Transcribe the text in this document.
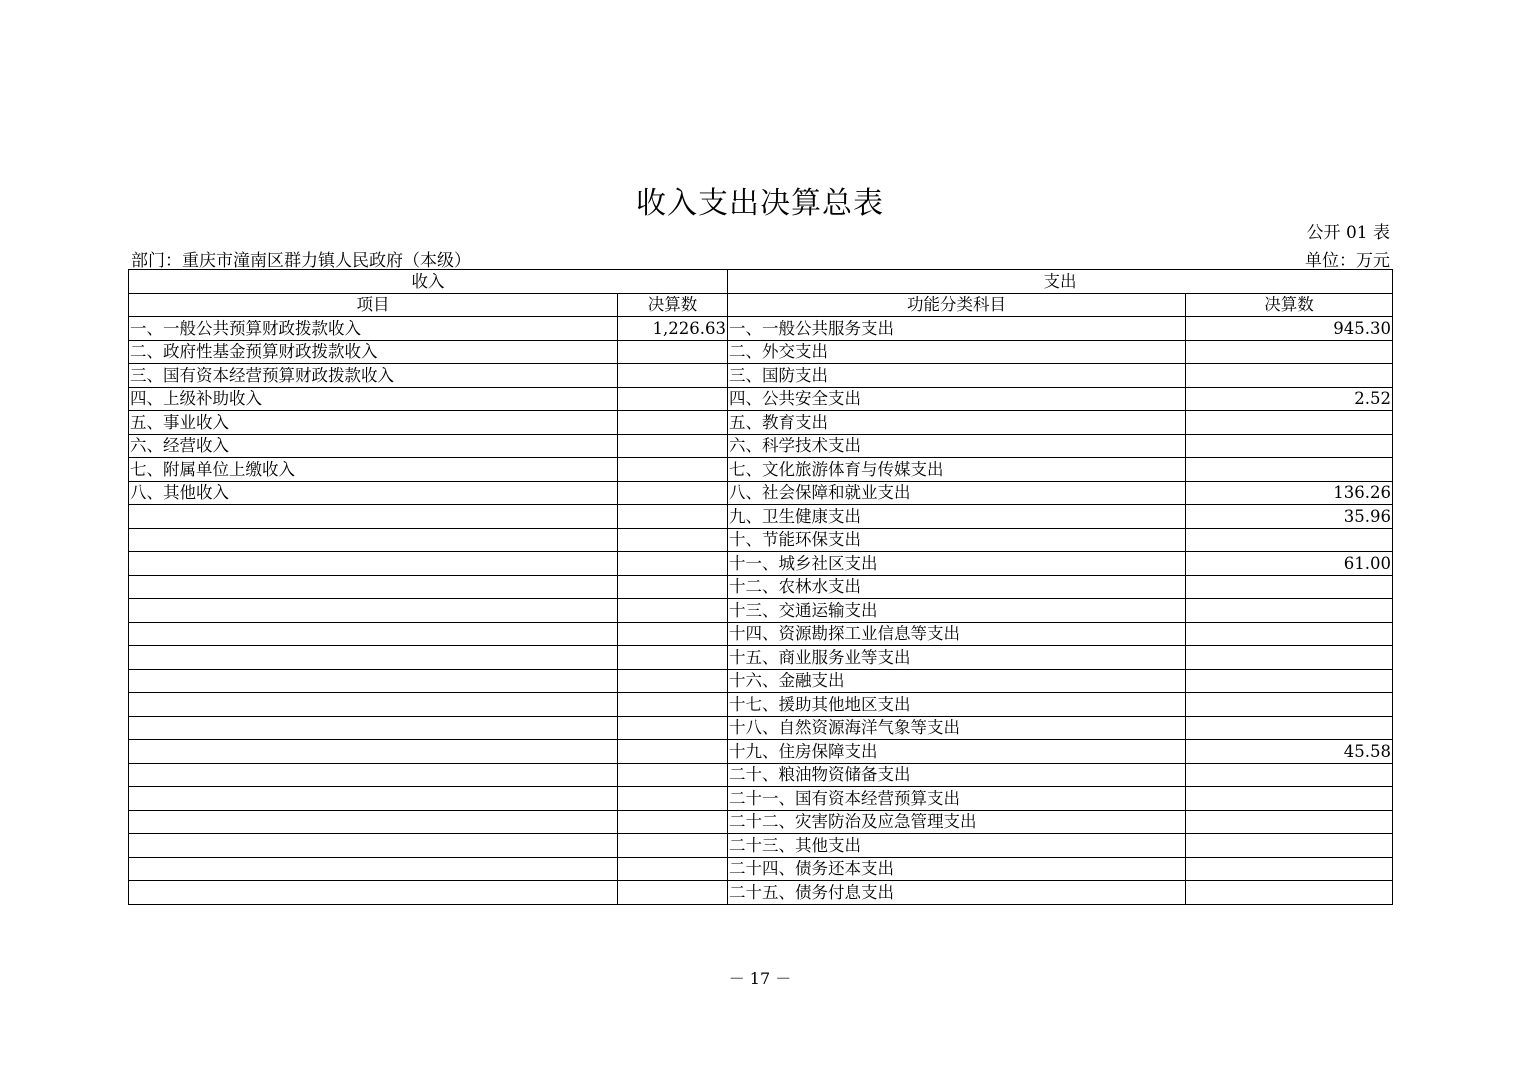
收入支出决算总表
公开 01 表
部门：重庆市潼南区群力镇人民政府（本级）	单位：万元
收入		支出	
项目	决算数	功能分类科目	决算数
一、一般公共预算财政拨款收入	1,226.63	一、一般公共服务支出	945.30
二、政府性基金预算财政拨款收入		二、外交支出	
三、国有资本经营预算财政拨款收入		三、国防支出	
四、上级补助收入		四、公共安全支出	2.52
五、事业收入		五、教育支出	
六、经营收入		六、科学技术支出	
七、附属单位上缴收入		七、文化旅游体育与传媒支出	
八、其他收入		八、社会保障和就业支出	136.26
		九、卫生健康支出	35.96
		十、节能环保支出	
		十一、城乡社区支出	61.00
		十二、农林水支出	
		十三、交通运输支出	
		十四、资源勘探工业信息等支出	
		十五、商业服务业等支出	
		十六、金融支出	
		十七、援助其他地区支出	
		十八、自然资源海洋气象等支出	
		十九、住房保障支出	45.58
		二十、粮油物资储备支出	
		二十一、国有资本经营预算支出	
		二十二、灾害防治及应急管理支出	
		二十三、其他支出	
		二十四、债务还本支出	
		二十五、债务付息支出	
－ 17 －
